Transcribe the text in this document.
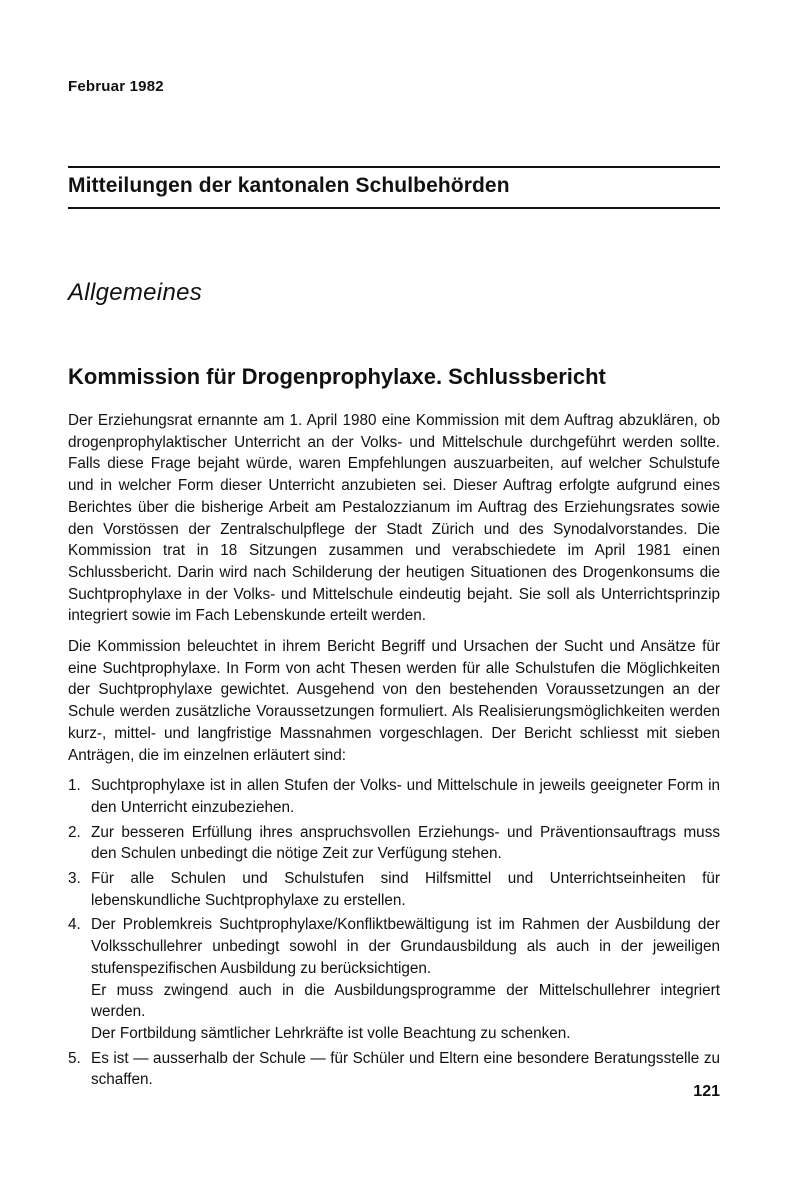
Februar 1982
Mitteilungen der kantonalen Schulbehörden
Allgemeines
Kommission für Drogenprophylaxe. Schlussbericht

Der Erziehungsrat ernannte am 1. April 1980 eine Kommission mit dem Auftrag abzuklären, ob drogenprophylaktischer Unterricht an der Volks- und Mittelschule durchgeführt werden sollte. Falls diese Frage bejaht würde, waren Empfehlungen auszuarbeiten, auf welcher Schulstufe und in welcher Form dieser Unterricht anzubieten sei. Dieser Auftrag erfolgte aufgrund eines Berichtes über die bisherige Arbeit am Pestalozzianum im Auftrag des Erziehungsrates sowie den Vorstössen der Zentralschulpflege der Stadt Zürich und des Synodalvorstandes. Die Kommission trat in 18 Sitzungen zusammen und verabschiedete im April 1981 einen Schlussbericht. Darin wird nach Schilderung der heutigen Situationen des Drogenkonsums die Suchtprophylaxe in der Volks- und Mittelschule eindeutig bejaht. Sie soll als Unterrichtsprinzip integriert sowie im Fach Lebenskunde erteilt werden.

Die Kommission beleuchtet in ihrem Bericht Begriff und Ursachen der Sucht und Ansätze für eine Suchtprophylaxe. In Form von acht Thesen werden für alle Schulstufen die Möglichkeiten der Suchtprophylaxe gewichtet. Ausgehend von den bestehenden Voraussetzungen an der Schule werden zusätzliche Voraussetzungen formuliert. Als Realisierungsmöglichkeiten werden kurz-, mittel- und langfristige Massnahmen vorgeschlagen. Der Bericht schliesst mit sieben Anträgen, die im einzelnen erläutert sind:

1. Suchtprophylaxe ist in allen Stufen der Volks- und Mittelschule in jeweils geeigneter Form in den Unterricht einzubeziehen.
2. Zur besseren Erfüllung ihres anspruchsvollen Erziehungs- und Präventionsauftrags muss den Schulen unbedingt die nötige Zeit zur Verfügung stehen.
3. Für alle Schulen und Schulstufen sind Hilfsmittel und Unterrichtseinheiten für lebenskundliche Suchtprophylaxe zu erstellen.
4. Der Problemkreis Suchtprophylaxe/Konfliktbewältigung ist im Rahmen der Ausbildung der Volksschullehrer unbedingt sowohl in der Grundausbildung als auch in der jeweiligen stufenspezifischen Ausbildung zu berücksichtigen.
Er muss zwingend auch in die Ausbildungsprogramme der Mittelschullehrer integriert werden.
Der Fortbildung sämtlicher Lehrkräfte ist volle Beachtung zu schenken.
5. Es ist — ausserhalb der Schule — für Schüler und Eltern eine besondere Beratungsstelle zu schaffen.
121
